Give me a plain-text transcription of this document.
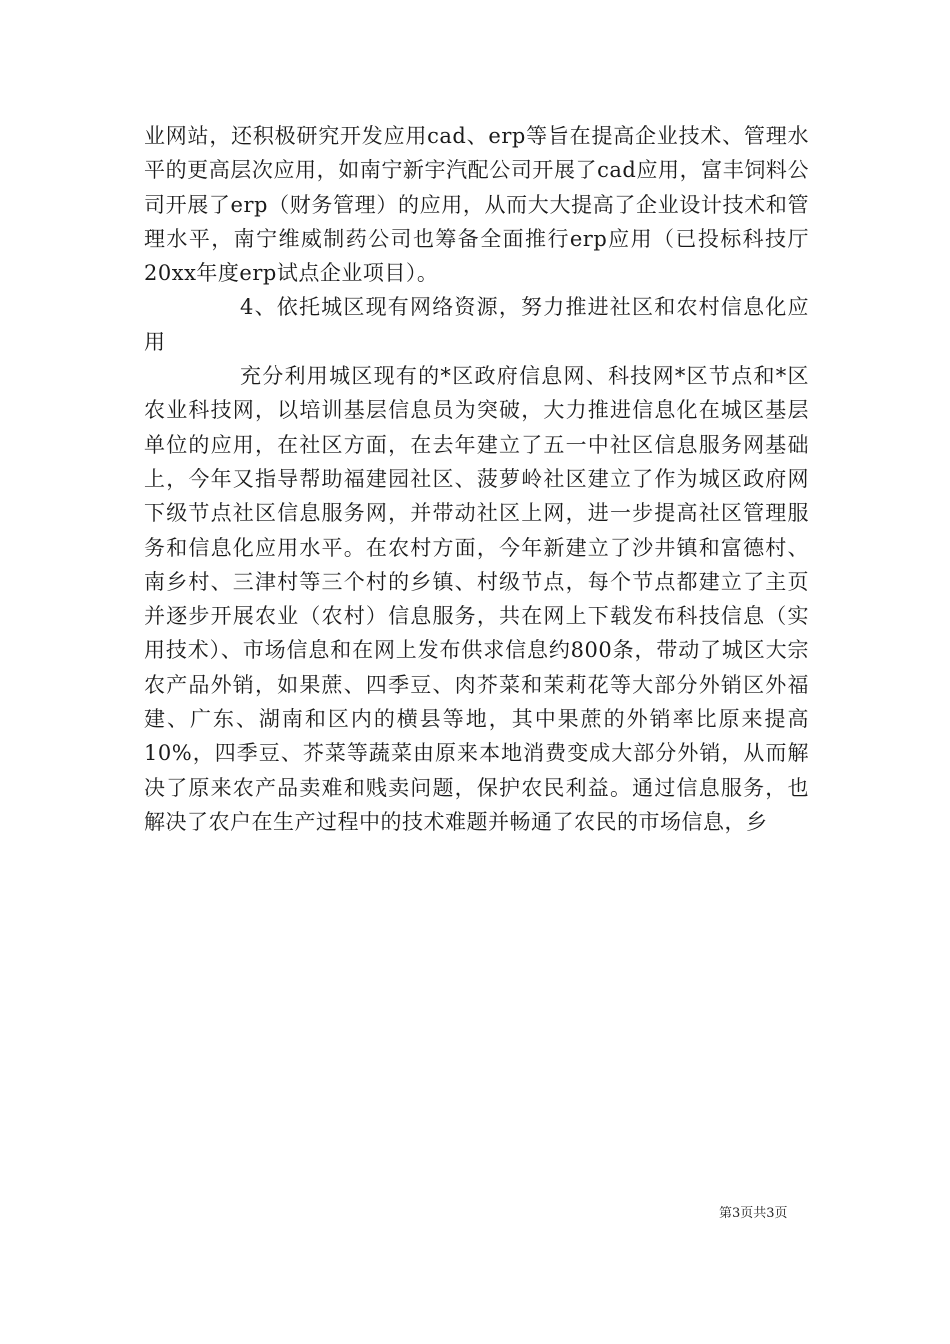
业网站，还积极研究开发应用cad、erp等旨在提高企业技术、管理水平的更高层次应用，如南宁新宇汽配公司开展了cad应用，富丰饲料公司开展了erp（财务管理）的应用，从而大大提高了企业设计技术和管理水平，南宁维威制药公司也筹备全面推行erp应用（已投标科技厅20xx年度erp试点企业项目）。

4、依托城区现有网络资源，努力推进社区和农村信息化应用

充分利用城区现有的*区政府信息网、科技网*区节点和*区农业科技网，以培训基层信息员为突破，大力推进信息化在城区基层单位的应用，在社区方面，在去年建立了五一中社区信息服务网基础上，今年又指导帮助福建园社区、菠萝岭社区建立了作为城区政府网下级节点社区信息服务网，并带动社区上网，进一步提高社区管理服务和信息化应用水平。在农村方面，今年新建立了沙井镇和富德村、南乡村、三津村等三个村的乡镇、村级节点，每个节点都建立了主页并逐步开展农业（农村）信息服务，共在网上下载发布科技信息（实用技术）、市场信息和在网上发布供求信息约800条，带动了城区大宗农产品外销，如果蔗、四季豆、肉芥菜和茉莉花等大部分外销区外福建、广东、湖南和区内的横县等地，其中果蔗的外销率比原来提高10%，四季豆、芥菜等蔬菜由原来本地消费变成大部分外销，从而解决了原来农产品卖难和贱卖问题，保护农民利益。通过信息服务，也解决了农户在生产过程中的技术难题并畅通了农民的市场信息，乡

第3页共3页
